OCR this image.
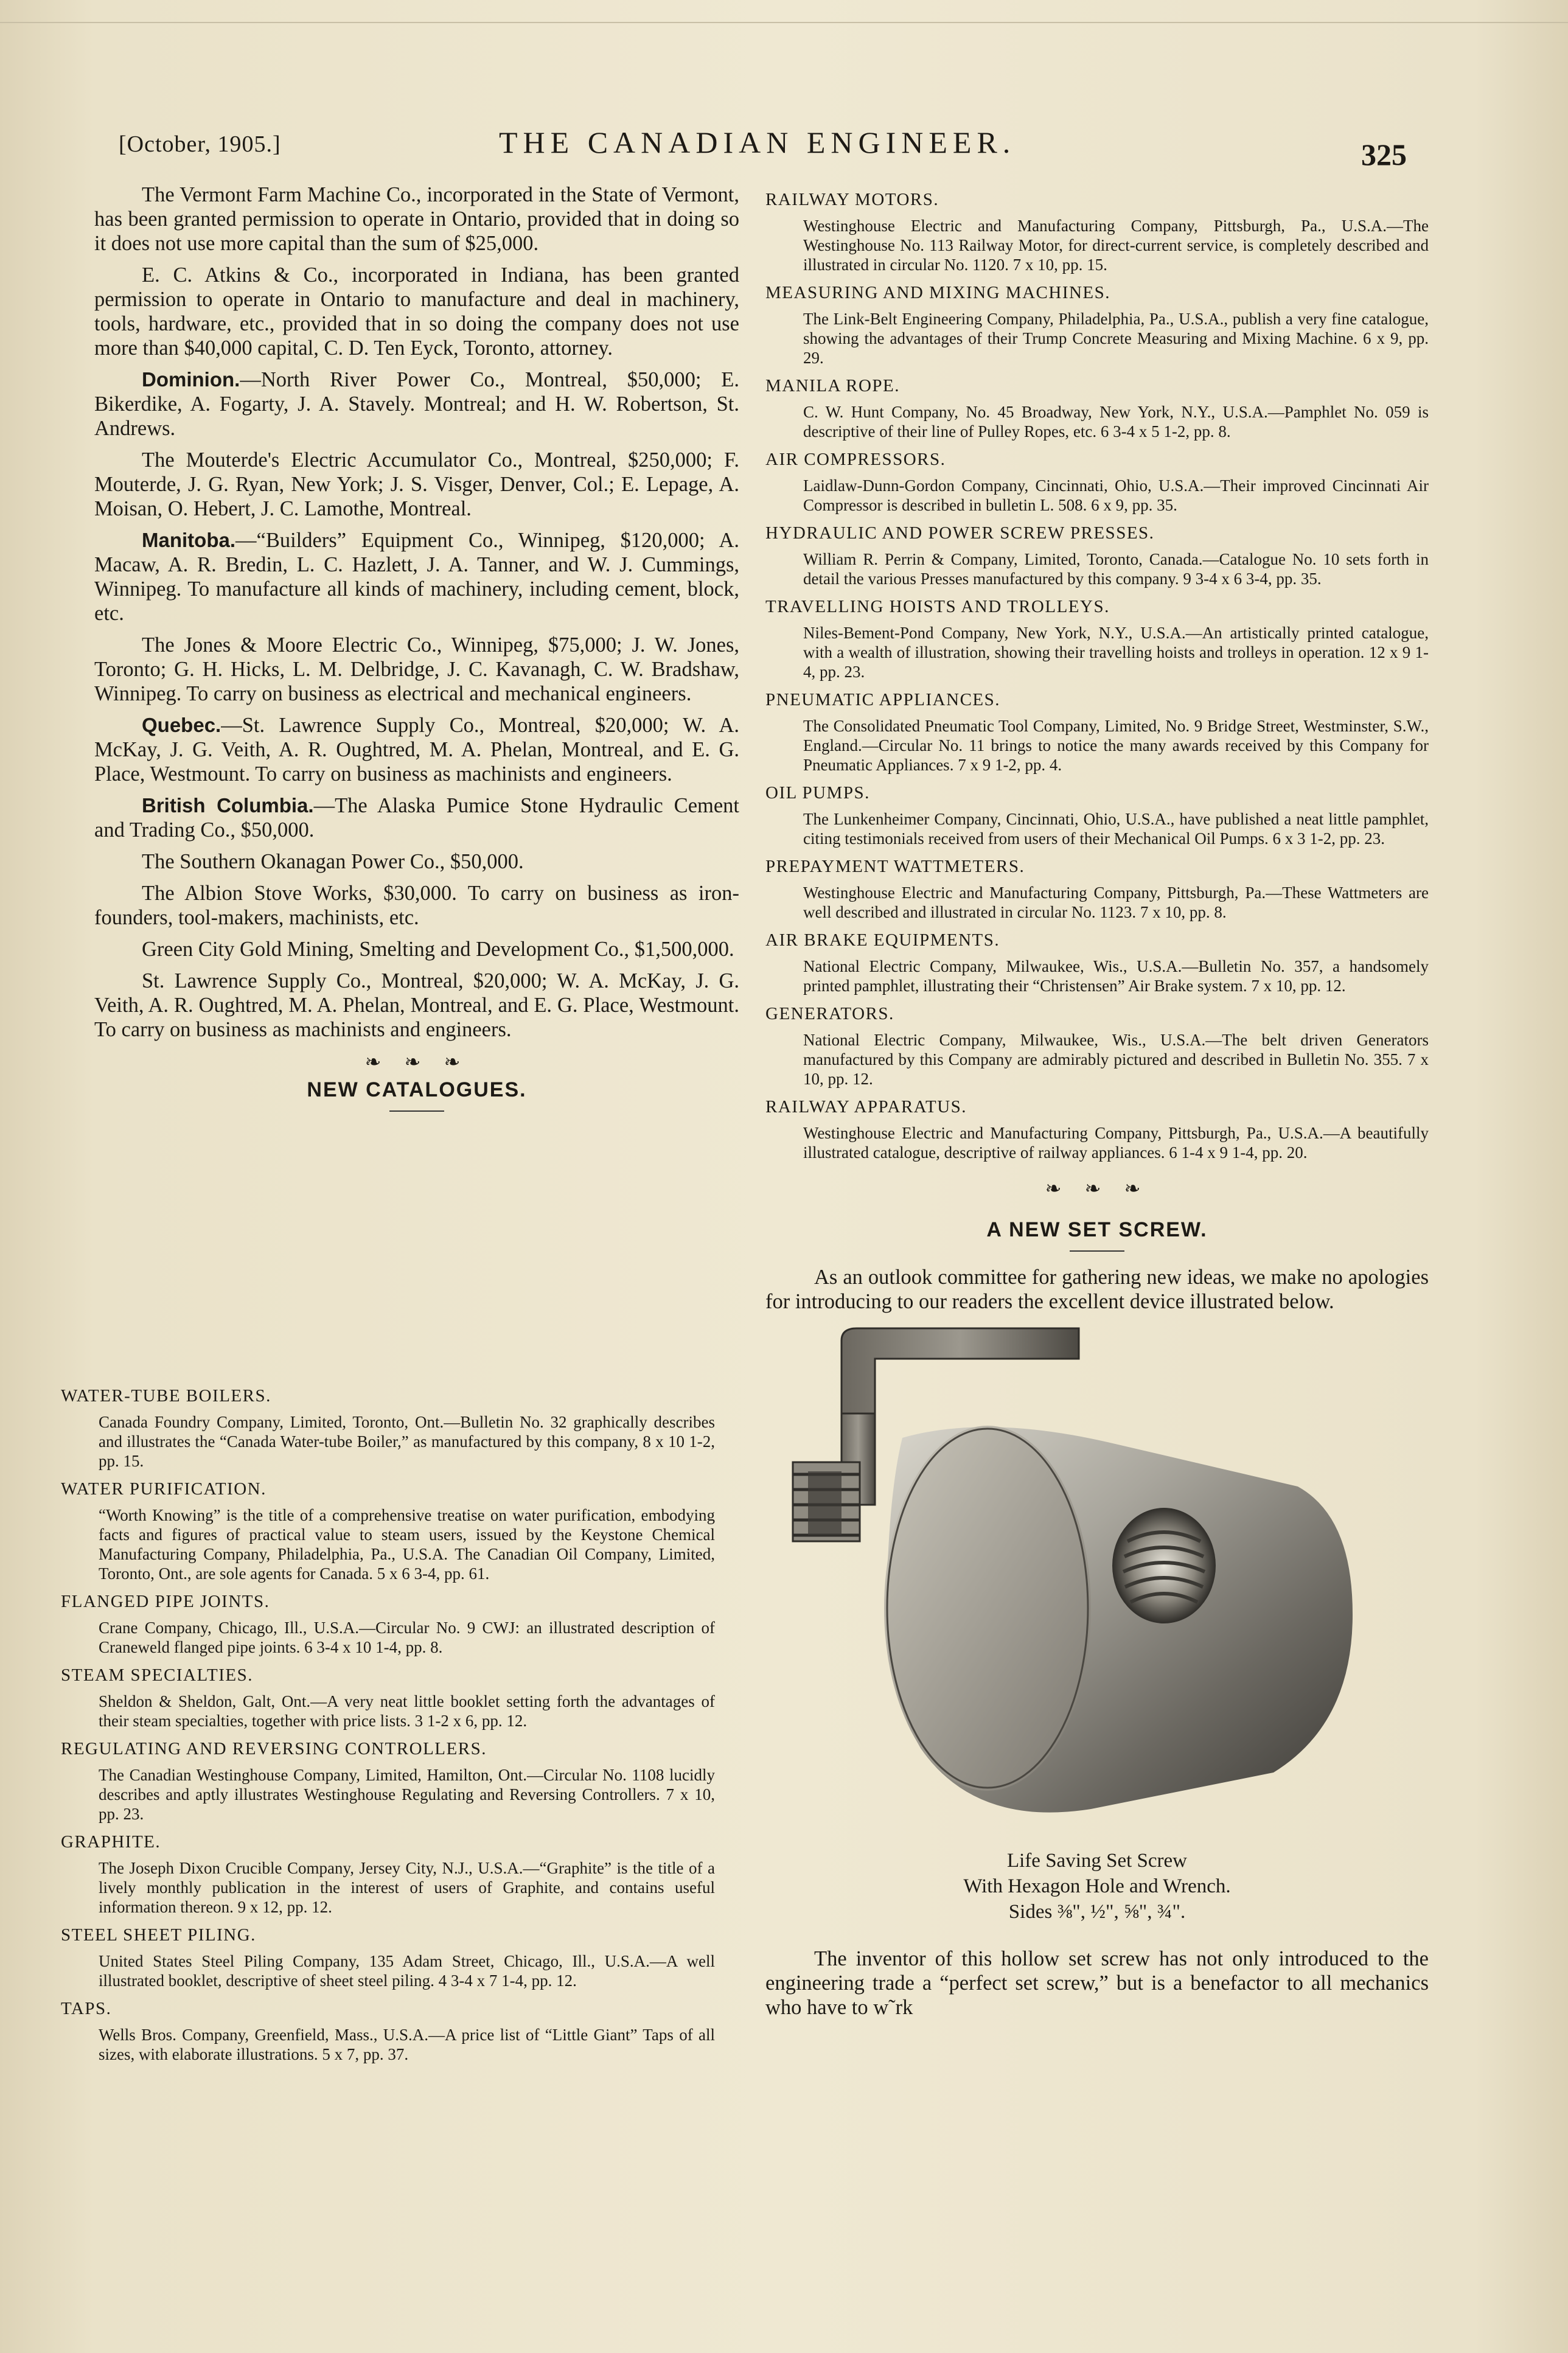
[October, 1905.]	THE CANADIAN ENGINEER.	325

The Vermont Farm Machine Co., incorporated in the State of Vermont, has been granted permission to operate in Ontario, provided that in doing so it does not use more capital than the sum of $25,000.

E. C. Atkins & Co., incorporated in Indiana, has been granted permission to operate in Ontario to manufacture and deal in machinery, tools, hardware, etc., provided that in so doing the company does not use more than $40,000 capital, C. D. Ten Eyck, Toronto, attorney.

Dominion.—North River Power Co., Montreal, $50,000; E. Bikerdike, A. Fogarty, J. A. Stavely. Montreal; and H. W. Robertson, St. Andrews.

The Mouterde's Electric Accumulator Co., Montreal, $250,000; F. Mouterde, J. G. Ryan, New York; J. S. Visger, Denver, Col.; E. Lepage, A. Moisan, O. Hebert, J. C. Lamothe, Montreal.

Manitoba.—“Builders” Equipment Co., Winnipeg, $120,000; A. Macaw, A. R. Bredin, L. C. Hazlett, J. A. Tanner, and W. J. Cummings, Winnipeg. To manufacture all kinds of machinery, including cement, block, etc.

The Jones & Moore Electric Co., Winnipeg, $75,000; J. W. Jones, Toronto; G. H. Hicks, L. M. Delbridge, J. C. Kavanagh, C. W. Bradshaw, Winnipeg. To carry on business as electrical and mechanical engineers.

Quebec.—St. Lawrence Supply Co., Montreal, $20,000; W. A. McKay, J. G. Veith, A. R. Oughtred, M. A. Phelan, Montreal, and E. G. Place, Westmount. To carry on business as machinists and engineers.

British Columbia.—The Alaska Pumice Stone Hydraulic Cement and Trading Co., $50,000.

The Southern Okanagan Power Co., $50,000.

The Albion Stove Works, $30,000. To carry on business as iron-founders, tool-makers, machinists, etc.

Green City Gold Mining, Smelting and Development Co., $1,500,000.

St. Lawrence Supply Co., Montreal, $20,000; W. A. McKay, J. G. Veith, A. R. Oughtred, M. A. Phelan, Montreal, and E. G. Place, Westmount. To carry on business as machinists and engineers.

❧ ❧ ❧
NEW CATALOGUES.
WATER-TUBE BOILERS.
Canada Foundry Company, Limited, Toronto, Ont.—Bulletin No. 32 graphically describes and illustrates the “Canada Water-tube Boiler,” as manufactured by this company, 8 x 10 1-2, pp. 15.
WATER PURIFICATION.
“Worth Knowing” is the title of a comprehensive treatise on water purification, embodying facts and figures of practical value to steam users, issued by the Keystone Chemical Manufacturing Company, Philadelphia, Pa., U.S.A. The Canadian Oil Company, Limited, Toronto, Ont., are sole agents for Canada. 5 x 6 3-4, pp. 61.
FLANGED PIPE JOINTS.
Crane Company, Chicago, Ill., U.S.A.—Circular No. 9 CWJ: an illustrated description of Craneweld flanged pipe joints. 6 3-4 x 10 1-4, pp. 8.
STEAM SPECIALTIES.
Sheldon & Sheldon, Galt, Ont.—A very neat little booklet setting forth the advantages of their steam specialties, together with price lists. 3 1-2 x 6, pp. 12.
REGULATING AND REVERSING CONTROLLERS.
The Canadian Westinghouse Company, Limited, Hamilton, Ont.—Circular No. 1108 lucidly describes and aptly illustrates Westinghouse Regulating and Reversing Controllers. 7 x 10, pp. 23.
GRAPHITE.
The Joseph Dixon Crucible Company, Jersey City, N.J., U.S.A.—“Graphite” is the title of a lively monthly publication in the interest of users of Graphite, and contains useful information thereon. 9 x 12, pp. 12.
STEEL SHEET PILING.
United States Steel Piling Company, 135 Adam Street, Chicago, Ill., U.S.A.—A well illustrated booklet, descriptive of sheet steel piling. 4 3-4 x 7 1-4, pp. 12.
TAPS.
Wells Bros. Company, Greenfield, Mass., U.S.A.—A price list of “Little Giant” Taps of all sizes, with elaborate illustrations. 5 x 7, pp. 37.
RAILWAY MOTORS.
Westinghouse Electric and Manufacturing Company, Pittsburgh, Pa., U.S.A.—The Westinghouse No. 113 Railway Motor, for direct-current service, is completely described and illustrated in circular No. 1120. 7 x 10, pp. 15.
MEASURING AND MIXING MACHINES.
The Link-Belt Engineering Company, Philadelphia, Pa., U.S.A., publish a very fine catalogue, showing the advantages of their Trump Concrete Measuring and Mixing Machine. 6 x 9, pp. 29.
MANILA ROPE.
C. W. Hunt Company, No. 45 Broadway, New York, N.Y., U.S.A.—Pamphlet No. 059 is descriptive of their line of Pulley Ropes, etc. 6 3-4 x 5 1-2, pp. 8.
AIR COMPRESSORS.
Laidlaw-Dunn-Gordon Company, Cincinnati, Ohio, U.S.A.—Their improved Cincinnati Air Compressor is described in bulletin L. 508. 6 x 9, pp. 35.
HYDRAULIC AND POWER SCREW PRESSES.
William R. Perrin & Company, Limited, Toronto, Canada.—Catalogue No. 10 sets forth in detail the various Presses manufactured by this company. 9 3-4 x 6 3-4, pp. 35.
TRAVELLING HOISTS AND TROLLEYS.
Niles-Bement-Pond Company, New York, N.Y., U.S.A.—An artistically printed catalogue, with a wealth of illustration, showing their travelling hoists and trolleys in operation. 12 x 9 1-4, pp. 23.
PNEUMATIC APPLIANCES.
The Consolidated Pneumatic Tool Company, Limited, No. 9 Bridge Street, Westminster, S.W., England.—Circular No. 11 brings to notice the many awards received by this Company for Pneumatic Appliances. 7 x 9 1-2, pp. 4.
OIL PUMPS.
The Lunkenheimer Company, Cincinnati, Ohio, U.S.A., have published a neat little pamphlet, citing testimonials received from users of their Mechanical Oil Pumps. 6 x 3 1-2, pp. 23.
PREPAYMENT WATTMETERS.
Westinghouse Electric and Manufacturing Company, Pittsburgh, Pa.—These Wattmeters are well described and illustrated in circular No. 1123. 7 x 10, pp. 8.
AIR BRAKE EQUIPMENTS.
National Electric Company, Milwaukee, Wis., U.S.A.—Bulletin No. 357, a handsomely printed pamphlet, illustrating their “Christensen” Air Brake system. 7 x 10, pp. 12.
GENERATORS.
National Electric Company, Milwaukee, Wis., U.S.A.—The belt driven Generators manufactured by this Company are admirably pictured and described in Bulletin No. 355. 7 x 10, pp. 12.
RAILWAY APPARATUS.
Westinghouse Electric and Manufacturing Company, Pittsburgh, Pa., U.S.A.—A beautifully illustrated catalogue, descriptive of railway appliances. 6 1-4 x 9 1-4, pp. 20.
❧ ❧ ❧
A NEW SET SCREW.

As an outlook committee for gathering new ideas, we make no apologies for introducing to our readers the excellent device illustrated below.

Life Saving Set Screw
With Hexagon Hole and Wrench.
Sides ⅜", ½", ⅝", ¾".

The inventor of this hollow set screw has not only introduced to the engineering trade a “perfect set screw,” but is a benefactor to all mechanics who have to w˜rk
